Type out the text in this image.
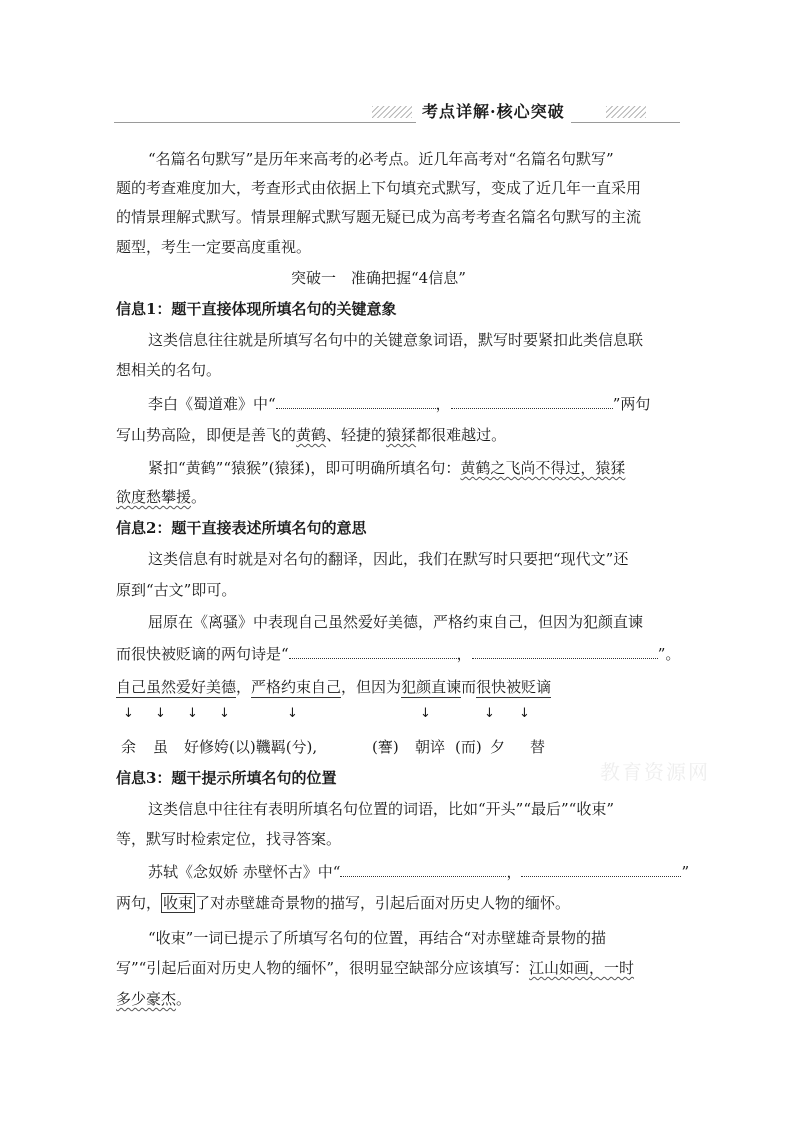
考点详解·核心突破
“名篇名句默写”是历年来高考的必考点。近几年高考对“名篇名句默写”
题的考查难度加大，考查形式由依据上下句填充式默写，变成了近几年一直采用
的情景理解式默写。情景理解式默写题无疑已成为高考考查名篇名句默写的主流
题型，考生一定要高度重视。
突破一　准确把握“4信息”
信息1：题干直接体现所填名句的关键意象
这类信息往往就是所填写名句中的关键意象词语，默写时要紧扣此类信息联
想相关的名句。
李白《蜀道难》中“	，	”两句
写山势高险，即便是善飞的黄鹤、轻捷的猿猱都很难越过。
紧扣“黄鹤”“猿猴”(猿猱)，即可明确所填名句：黄鹤之飞尚不得过，猿猱
欲度愁攀援。
信息2：题干直接表述所填名句的意思
这类信息有时就是对名句的翻译，因此，我们在默写时只要把“现代文”还
原到“古文”即可。
屈原在《离骚》中表现自己虽然爱好美德，严格约束自己，但因为犯颜直谏
而很快被贬谪的两句诗是“	，	”。
自己虽然爱好美德，严格约束自己，但因为犯颜直谏而很快被贬谪
↓ ↓ ↓ ↓	↓	↓	↓ ↓
余 虽 好修姱(以)鞿羁(兮),	(謇) 朝谇 (而) 夕 替
教育资源网
信息3：题干提示所填名句的位置
这类信息中往往有表明所填名句位置的词语，比如“开头”“最后”“收束”
等，默写时检索定位，找寻答案。
苏轼《念奴娇 赤壁怀古》中“	，	”
两句， 收束 了对赤壁雄奇景物的描写，引起后面对历史人物的缅怀。
“收束”一词已提示了所填写名句的位置，再结合“对赤壁雄奇景物的描
写”“引起后面对历史人物的缅怀”，很明显空缺部分应该填写：江山如画，一时
多少豪杰。
